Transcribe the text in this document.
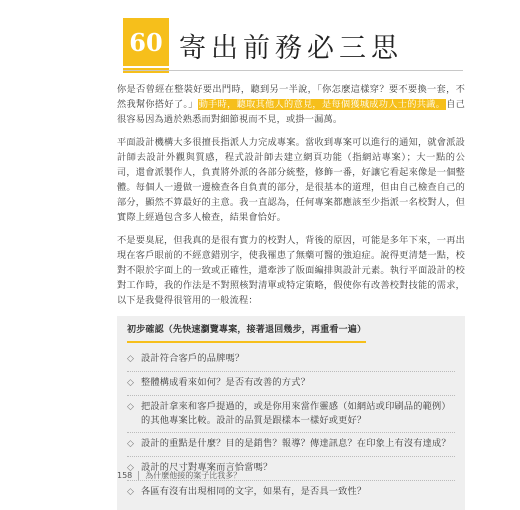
60 寄出前務必三思

你是否曾經在整裝好要出門時，聽到另一半說，「你怎麼這樣穿？要不要換一套，不然我幫你搭好了。」動手時，聽取其他人的意見，是每個獲城成功人士的共識。自己很容易因為過於熟悉而對細節視而不見，或掛一漏萬。

平面設計機構大多很擅長指派人力完成專案。當收到專案可以進行的通知，就會派設計師去設計外觀與質感，程式設計師去建立網頁功能（指網站專案）；大一點的公司，還會派製作人，負責將外派的各部分統整，修飾一番，好讓它看起來像是一個整體。每個人一邊做一邊檢查各自負責的部分，是很基本的道理，但由自己檢查自己的部分，顯然不算最好的主意。我一直認為，任何專案都應該至少指派一名校對人，但實際上經過包含多人檢查，結果會恰好。

不是要臭屁，但我真的是很有實力的校對人，背後的原因，可能是多年下來，一再出現在客戶眼前的不經意錯別字，使我罹患了無藥可醫的強迫症。說得更清楚一點，校對不限於字面上的一致或正確性，還牽涉了版面編排與設計元素。執行平面設計的校對工作時，我的作法是不對照核對清單或特定策略，假使你有改善校對技能的需求，以下是我覺得很管用的一般流程：

初步確認（先快速瀏覽專案，接著退回幾步，再重看一遍）
◇ 設計符合客戶的品牌嗎？
◇ 整體構成看來如何？是否有改善的方式？
◇ 把設計拿來和客戶提過的，或是你用來當作靈感（如網站或印刷品的範例）的其他專案比較。設計的品質是跟樣本一樣好或更好？
◇ 設計的重點是什麼？目的是銷售？報導？傳達訊息？在印象上有沒有達成？
◇ 設計的尺寸對專案而言恰當嗎？
◇ 各區有沒有出現相同的文字，如果有，是否具一致性？
158	為什麼他接的案子比我多？
